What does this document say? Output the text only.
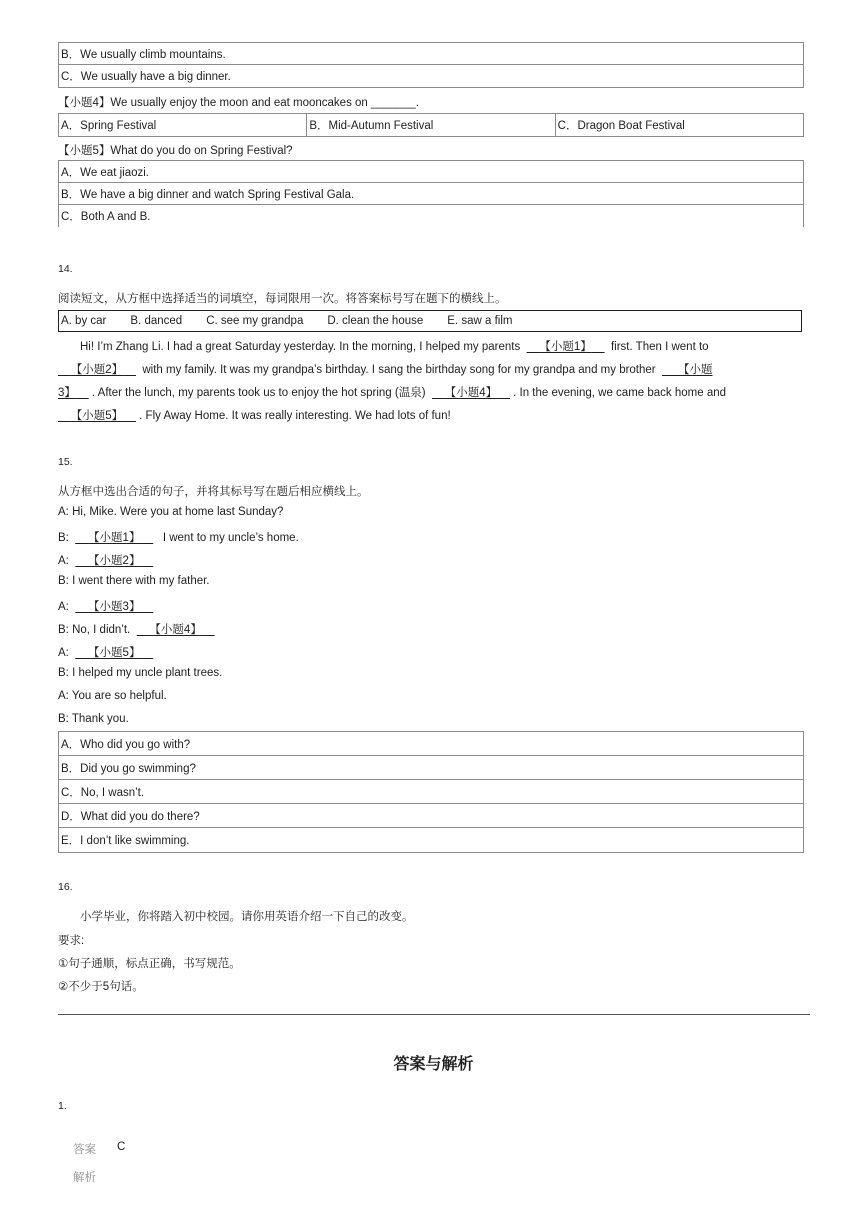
B．We usually climb mountains.
C．We usually have a big dinner.
【小题4】We usually enjoy the moon and eat mooncakes on _______.
A．Spring Festival	B．Mid-Autumn Festival	C．Dragon Boat Festival
【小题5】What do you do on Spring Festival?
A．We eat jiaozi.
B．We have a big dinner and watch Spring Festival Gala.
C．Both A and B.
14.
阅读短文，从方框中选择适当的词填空，每词限用一次。将答案标号写在题下的横线上。
A. by car B. danced C. see my grandpa D. clean the house E. saw a film
Hi! I’m Zhang Li. I had a great Saturday yesterday. In the morning, I helped my parents 【小题1】 first. Then I went to
【小题2】 with my family. It was my grandpa’s birthday. I sang the birthday song for my grandpa and my brother 【小题
3】 . After the lunch, my parents took us to enjoy the hot spring (温泉) 【小题4】 . In the evening, we came back home and
【小题5】 . Fly Away Home. It was really interesting. We had lots of fun!
15.
从方框中选出合适的句子，并将其标号写在题后相应横线上。
A: Hi, Mike. Were you at home last Sunday?
B: 【小题1】 I went to my uncle’s home.
A: 【小题2】
B: I went there with my father.
A: 【小题3】
B: No, I didn’t. 【小题4】
A: 【小题5】
B: I helped my uncle plant trees.
A: You are so helpful.
B: Thank you.
A．Who did you go with?
B．Did you go swimming?
C．No, I wasn’t.
D．What did you do there?
E．I don’t like swimming.
16.
小学毕业，你将踏入初中校园。请你用英语介绍一下自己的改变。
要求:
①句子通顺，标点正确，书写规范。
②不少于5句话。
答案与解析
1.
答案 C
解析
